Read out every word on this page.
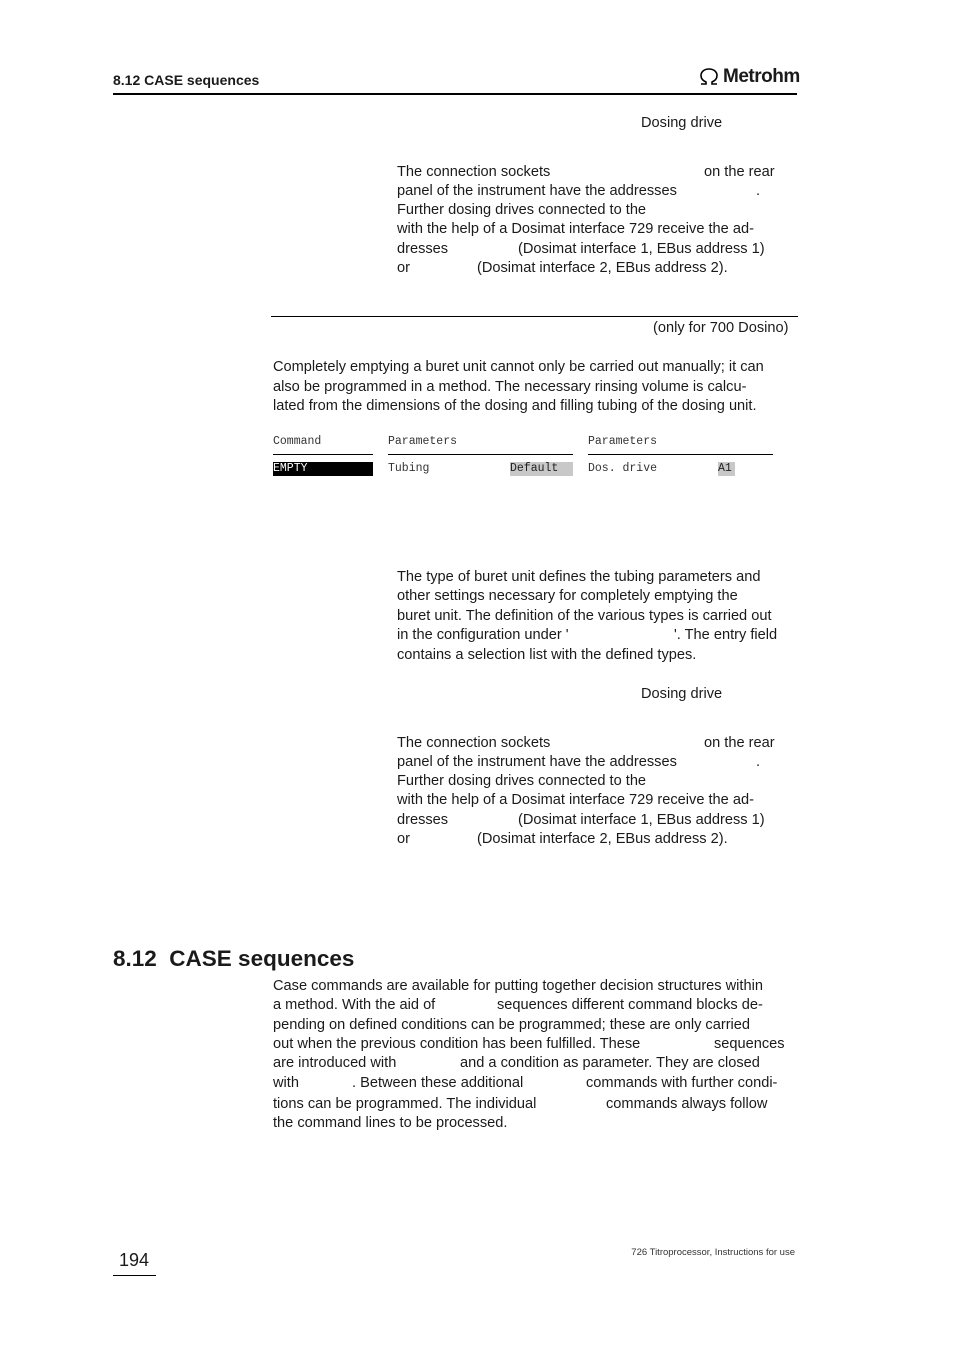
8.12 CASE sequences	Metrohm
Dosing drive
The connection sockets	on the rear
panel of the instrument have the addresses	.
Further dosing drives connected to the
with the help of a Dosimat interface 729 receive the ad-
dresses	(Dosimat interface 1, EBus address 1)
or	(Dosimat interface 2, EBus address 2).
(only for 700 Dosino)
Completely emptying a buret unit cannot only be carried out manually; it can
also be programmed in a method. The necessary rinsing volume is calcu-
lated from the dimensions of the dosing and filling tubing of the dosing unit.
Command	Parameters	Parameters
EMPTY	Tubing	Default	Dos. drive	A1
The type of buret unit defines the tubing parameters and
other settings necessary for completely emptying the
buret unit. The definition of the various types is carried out
in the configuration under '	'. The entry field
contains a selection list with the defined types.
Dosing drive
The connection sockets	on the rear
panel of the instrument have the addresses	.
Further dosing drives connected to the
with the help of a Dosimat interface 729 receive the ad-
dresses	(Dosimat interface 1, EBus address 1)
or	(Dosimat interface 2, EBus address 2).
8.12  CASE sequences
Case commands are available for putting together decision structures within
a method. With the aid of	sequences different command blocks de-
pending on defined conditions can be programmed; these are only carried
out when the previous condition has been fulfilled. These	sequences
are introduced with	and a condition as parameter. They are closed
with	. Between these additional	commands with further condi-
tions can be programmed. The individual	commands always follow
the command lines to be processed.
194	726 Titroprocessor, Instructions for use
